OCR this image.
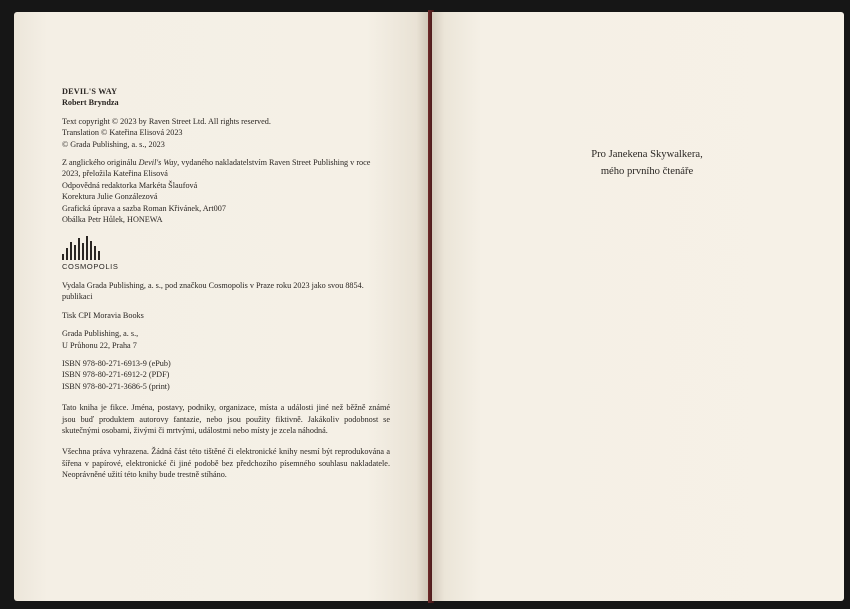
DEVIL'S WAY

Robert Bryndza

Text copyright © 2023 by Raven Street Ltd. All rights reserved.

Translation © Kateřina Elisová 2023

© Grada Publishing, a. s., 2023

Z anglického originálu Devil's Way, vydaného nakladatelstvím Raven Street Publishing v roce 2023, přeložila Kateřina Elisová

Odpovědná redaktorka Markéta Šlaufová

Korektura Julie Gonzálezová

Grafická úprava a sazba Roman Křivánek, Art007

Obálka Petr Hůlek, HONEWA

COSMOPOLIS

Vydala Grada Publishing, a. s., pod značkou Cosmopolis v Praze roku 2023 jako svou 8854. publikaci

Tisk CPI Moravia Books

Grada Publishing, a. s.,

U Průhonu 22, Praha 7

ISBN 978-80-271-6913-9 (ePub)

ISBN 978-80-271-6912-2 (PDF)

ISBN 978-80-271-3686-5 (print)

Tato kniha je fikce. Jména, postavy, podniky, organizace, místa a události jiné než běžně známé jsou buď produktem autorovy fantazie, nebo jsou použity fiktivně. Jakákoliv podobnost se skutečnými osobami, živými či mrtvými, událostmi nebo místy je zcela náhodná.

Všechna práva vyhrazena. Žádná část této tištěné či elektronické knihy nesmí být reprodukována a šířena v papírové, elektronické či jiné podobě bez předchozího písemného souhlasu nakladatele. Neoprávněné užití této knihy bude trestně stíháno.

Pro Janekena Skywalkera,
mého prvního čtenáře
